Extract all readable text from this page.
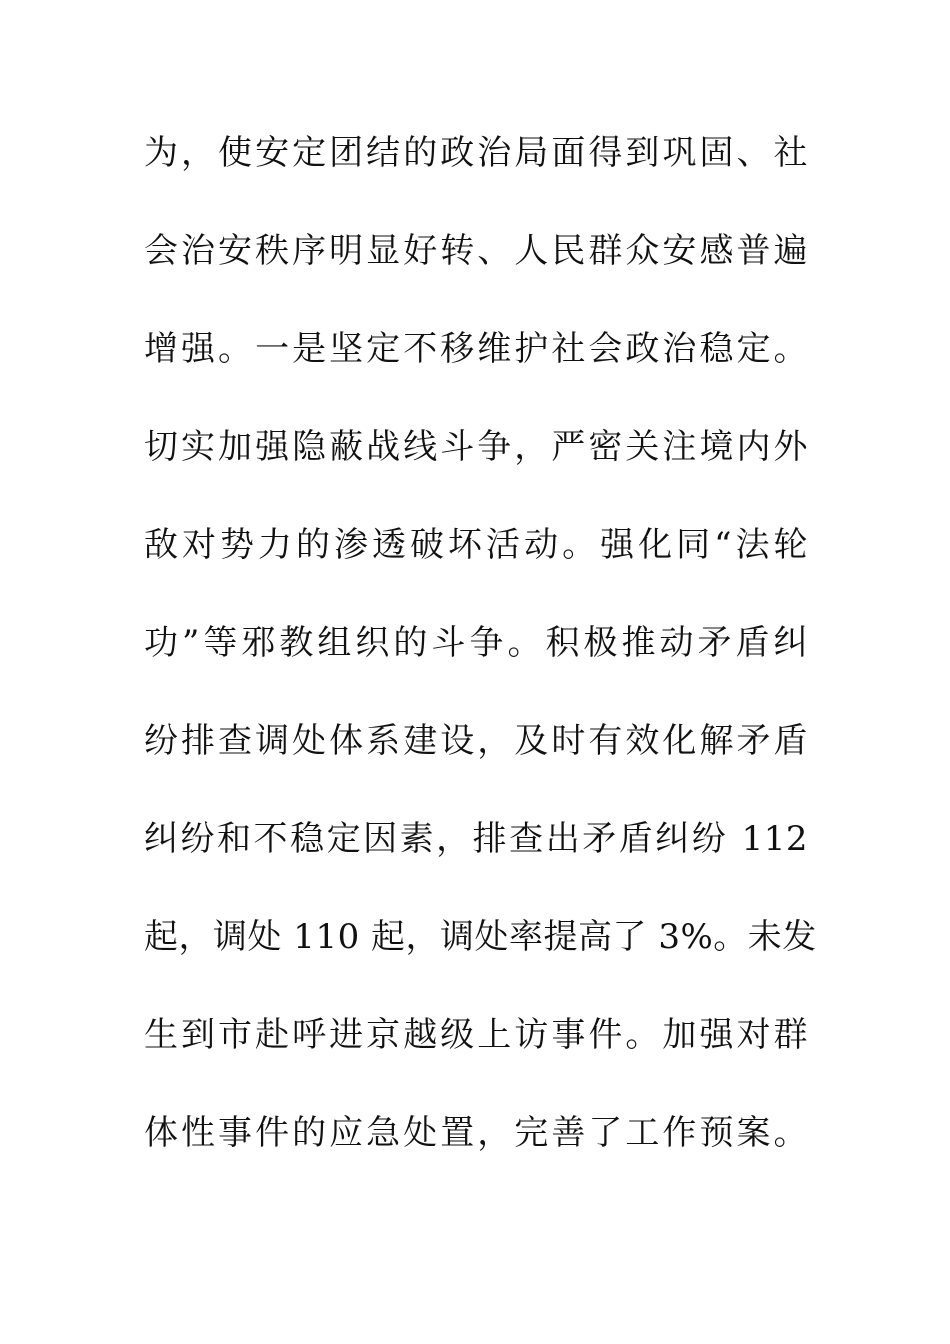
为，使安定团结的政治局面得到巩固、社
会治安秩序明显好转、人民群众安感普遍
增强。一是坚定不移维护社会政治稳定。
切实加强隐蔽战线斗争，严密关注境内外
敌对势力的渗透破坏活动。强化同“法轮
功”等邪教组织的斗争。积极推动矛盾纠
纷排查调处体系建设，及时有效化解矛盾
纠纷和不稳定因素，排查出矛盾纠纷 112
起，调处 110 起，调处率提高了 3%。未发
生到市赴呼进京越级上访事件。加强对群
体性事件的应急处置，完善了工作预案。
